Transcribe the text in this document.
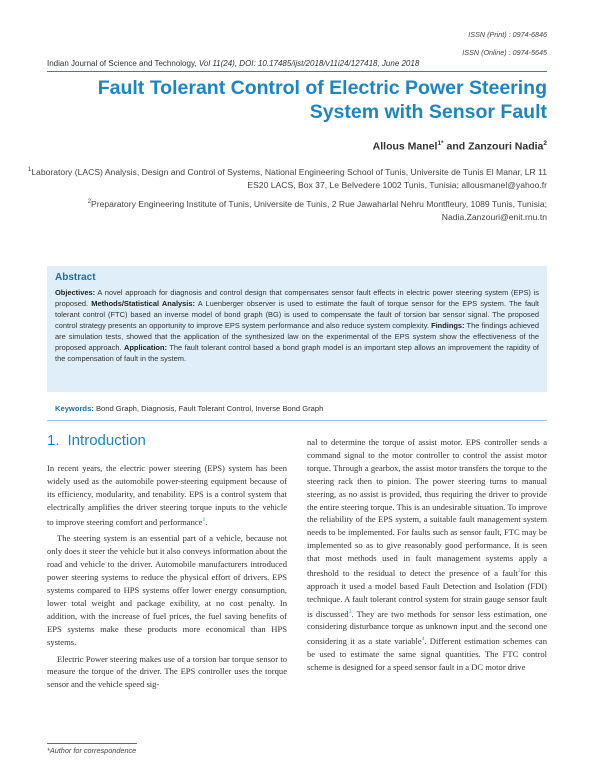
ISSN (Print) : 0974-6846
ISSN (Online) : 0974-5645
Indian Journal of Science and Technology, Vol 11(24), DOI: 10.17485/ijst/2018/v11i24/127418, June 2018
Fault Tolerant Control of Electric Power Steering System with Sensor Fault
Allous Manel$^{1*}$ and Zanzouri Nadia$^2$
$^1$Laboratory (LACS) Analysis, Design and Control of Systems, National Engineering School of Tunis, Universite de Tunis El Manar, LR 11 ES20 LACS, Box 37, Le Belvedere 1002 Tunis, Tunisia; allousmanel@yahoo.fr
$^2$Preparatory Engineering Institute of Tunis, Universite de Tunis, 2 Rue Jawaharlal Nehru Montfleury, 1089 Tunis, Tunisia; Nadia.Zanzouri@enit.rnu.tn
Abstract
Objectives: A novel approach for diagnosis and control design that compensates sensor fault effects in electric power steering system (EPS) is proposed. Methods/Statistical Analysis: A Luenberger observer is used to estimate the fault of torque sensor for the EPS system. The fault tolerant control (FTC) based an inverse model of bond graph (BG) is used to compensate the fault of torsion bar sensor signal. The proposed control strategy presents an opportunity to improve EPS system performance and also reduce system complexity. Findings: The findings achieved are simulation tests, showed that the application of the synthesized law on the experimental of the EPS system show the effectiveness of the proposed approach. Application: The fault tolerant control based a bond graph model is an important step allows an improvement the rapidity of the compensation of fault in the system.
Keywords: Bond Graph, Diagnosis, Fault Tolerant Control, Inverse Bond Graph
1. Introduction

In recent years, the electric power steering (EPS) system has been widely used as the automobile power-steering equipment because of its efficiency, modularity, and tenability. EPS is a control system that electrically amplifies the driver steering torque inputs to the vehicle to improve steering comfort and performance$^1$.

The steering system is an essential part of a vehicle, because not only does it steer the vehicle but it also conveys information about the road and vehicle to the driver. Automobile manufacturers introduced power steering systems to reduce the physical effort of drivers. EPS systems compared to HPS systems offer lower energy consumption, lower total weight and package exibility, at no cost penalty. In addition, with the increase of fuel prices, the fuel saving benefits of EPS systems make these products more economical than HPS systems.

Electric Power steering makes use of a torsion bar torque sensor to measure the torque of the driver. The EPS controller uses the torque sensor and the vehicle speed sig-

nal to determine the torque of assist motor. EPS controller sends a command signal to the motor controller to control the assist motor torque. Through a gearbox, the assist motor transfers the torque to the steering rack then to pinion. The power steering turns to manual steering, as no assist is provided, thus requiring the driver to provide the entire steering torque. This is an undesirable situation. To improve the reliability of the EPS system, a suitable fault management system needs to be implemented. For faults such as sensor fault, FTC may be implemented so as to give reasonably good performance. It is seen that most methods used in fault management systems apply a threshold to the residual to detect the presence of a fault$^2$for this approach it used a model based Fault Detection and Isolation (FDI) technique. A fault tolerant control system for strain gauge sensor fault is discussed$^3$. They are two methods for sensor less estimation, one considering disturbance torque as unknown input and the second one considering it as a state variable$^4$. Different estimation schemes can be used to estimate the same signal quantities. The FTC control scheme is designed for a speed sensor fault in a DC motor drive

*Author for correspondence
